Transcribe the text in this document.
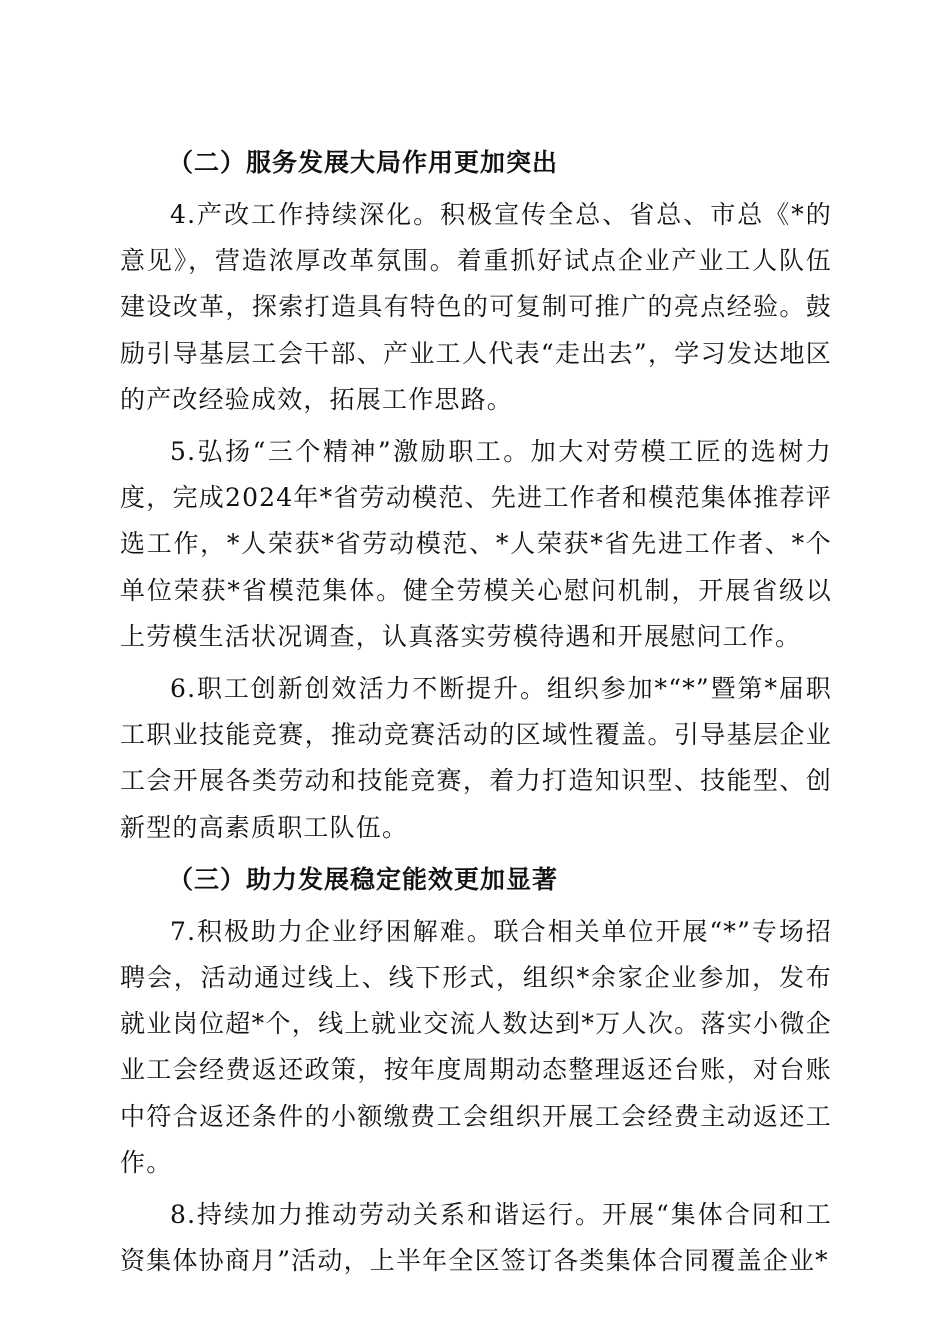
（二）服务发展大局作用更加突出

4.产改工作持续深化。积极宣传全总、省总、市总《*的意见》，营造浓厚改革氛围。着重抓好试点企业产业工人队伍建设改革，探索打造具有特色的可复制可推广的亮点经验。鼓励引导基层工会干部、产业工人代表“走出去”，学习发达地区的产改经验成效，拓展工作思路。

5.弘扬“三个精神”激励职工。加大对劳模工匠的选树力度，完成2024年*省劳动模范、先进工作者和模范集体推荐评选工作，*人荣获*省劳动模范、*人荣获*省先进工作者、*个单位荣获*省模范集体。健全劳模关心慰问机制，开展省级以上劳模生活状况调查，认真落实劳模待遇和开展慰问工作。

6.职工创新创效活力不断提升。组织参加*“*”暨第*届职工职业技能竞赛，推动竞赛活动的区域性覆盖。引导基层企业工会开展各类劳动和技能竞赛，着力打造知识型、技能型、创新型的高素质职工队伍。

（三）助力发展稳定能效更加显著

7.积极助力企业纾困解难。联合相关单位开展“*”专场招聘会，活动通过线上、线下形式，组织*余家企业参加，发布就业岗位超*个，线上就业交流人数达到*万人次。落实小微企业工会经费返还政策，按年度周期动态整理返还台账，对台账中符合返还条件的小额缴费工会组织开展工会经费主动返还工作。

8.持续加力推动劳动关系和谐运行。开展“集体合同和工资集体协商月”活动，上半年全区签订各类集体合同覆盖企业*
